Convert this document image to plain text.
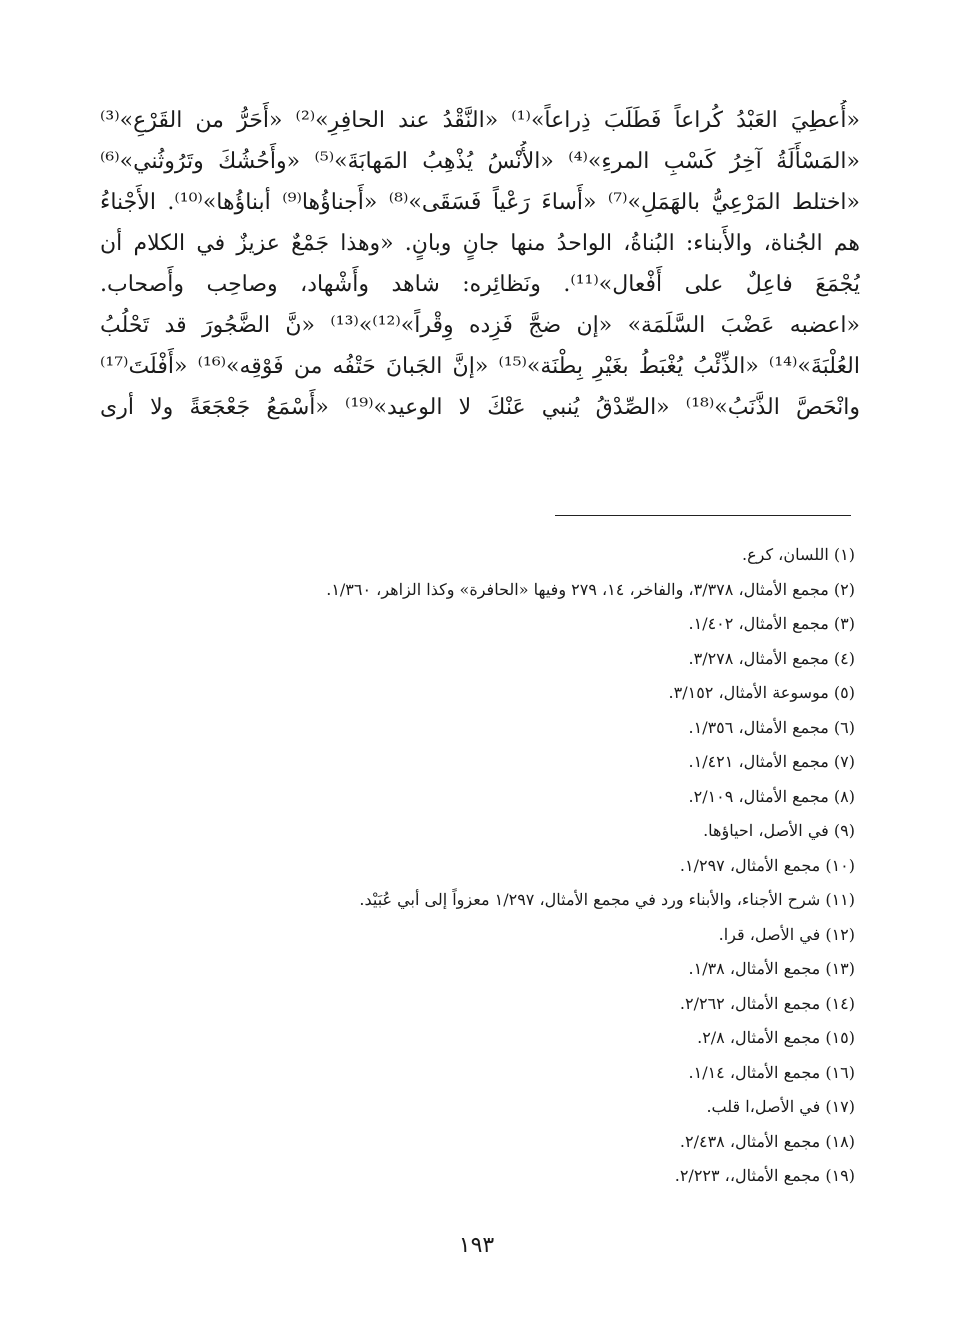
«أُعطِيَ العَبْدُ كُراعاً فَطَلَبَ ذِراعاً»⁽¹⁾ «النَّقْدُ عند الحافِرِ»⁽²⁾ «أَحَرُّ من القَرْعِ»⁽³⁾
«المَسْأَلَةُ آخِرُ كَسْبِ المرءِ»⁽⁴⁾ «الأُنْسُ يُذْهِبُ المَهابَةَ»⁽⁵⁾ «وأَحُشُكَ وتَرُوثُني»⁽⁶⁾
«اختلط المَرْعِيُّ بالهَمَلِ»⁽⁷⁾ «أَساءَ رَعْياً فَسَقَى»⁽⁸⁾ «أَجناؤُها⁽⁹⁾ أبناؤُها»⁽¹⁰⁾. الأَجْناءُ
هم الجُناة، والأَبناء: البُناةُ، الواحدُ منها جانٍ وبانٍ. «وهذا جَمْعٌ عزيزٌ في الكلام أن
يُجْمَعَ فاعِلٌ على أَفْعال»⁽¹¹⁾. ونَظائِره: شاهد وأَشْهاد، وصاحِب وأَصحاب.
«اعضبه عَضْبَ السَّلَمَة» «إن ضجَّ فَزِده وِقْراً»⁽¹²⁾»⁽¹³⁾ «نَّ الضَّجُورَ قد تَحْلُبُ
العُلْبَةَ»⁽¹⁴⁾ «الذِّئْبُ يُغْبَطُ بغَيْرِ بِطْنَة»⁽¹⁵⁾ «إنَّ الجَبانَ حَتْفُه من فَوْقِه»⁽¹⁶⁾ «أَفْلَتَ⁽¹⁷⁾
وانْحَصَّ الذَّنَبُ»⁽¹⁸⁾ «الصِّدْقُ يُنبي عَنْكَ لا الوعيد»⁽¹⁹⁾ «أَسْمَعُ جَعْجَعَةً ولا أرى
(١) اللسان، كرع.
(٢) مجمع الأمثال، ٣/٣٧٨، والفاخر، ١٤، ٢٧٩ وفيها «الحافرة» وكذا الزاهر، ١/٣٦٠.
(٣) مجمع الأمثال، ١/٤٠٢.
(٤) مجمع الأمثال، ٣/٢٧٨.
(٥) موسوعة الأمثال، ٣/١٥٢.
(٦) مجمع الأمثال، ١/٣٥٦.
(٧) مجمع الأمثال، ١/٤٢١.
(٨) مجمع الأمثال، ٢/١٠٩.
(٩) في الأصل، احياؤها.
(١٠) مجمع الأمثال، ١/٢٩٧.
(١١) شرح الأجناء، والأبناء ورد في مجمع الأمثال، ١/٢٩٧ معزواً إلى أبي عُبَيْد.
(١٢) في الأصل، قرا.
(١٣) مجمع الأمثال، ١/٣٨.
(١٤) مجمع الأمثال، ٢/٢٦٢.
(١٥) مجمع الأمثال، ٢/٨.
(١٦) مجمع الأمثال، ١/١٤.
(١٧) في الأصل،ا قلب.
(١٨) مجمع الأمثال، ٢/٤٣٨.
(١٩) مجمع الأمثال،، ٢/٢٢٣.
١٩٣
